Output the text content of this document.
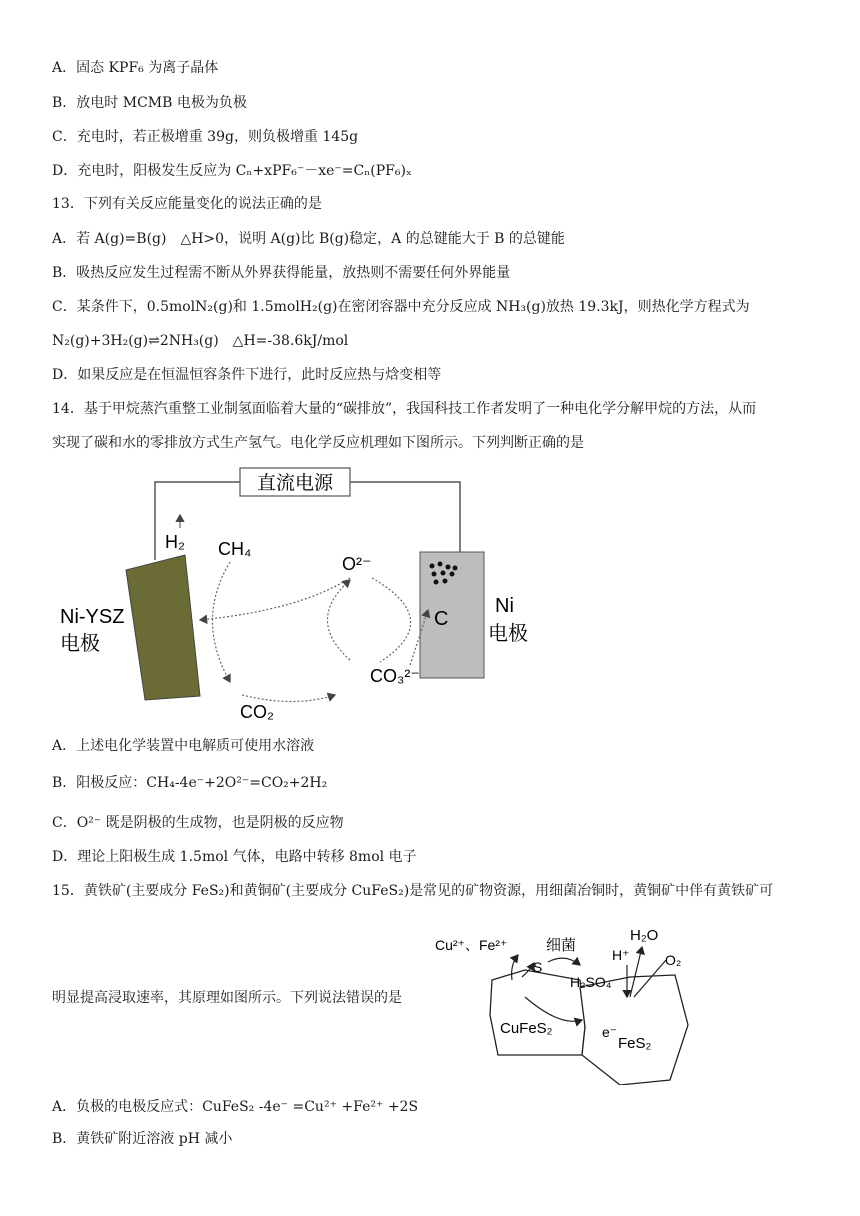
A．固态 KPF₆ 为离子晶体
B．放电时 MCMB 电极为负极
C．充电时，若正极增重 39g，则负极增重 145g
D．充电时，阳极发生反应为 Cₙ+xPF₆⁻－xe⁻=Cₙ(PF₆)ₓ
13．下列有关反应能量变化的说法正确的是
A．若 A(g)=B(g)　△H>0，说明 A(g)比 B(g)稳定，A 的总键能大于 B 的总键能
B．吸热反应发生过程需不断从外界获得能量，放热则不需要任何外界能量
C．某条件下，0.5molN₂(g)和 1.5molH₂(g)在密闭容器中充分反应成 NH₃(g)放热 19.3kJ，则热化学方程式为
N₂(g)+3H₂(g)⇌2NH₃(g)　△H=-38.6kJ/mol
D．如果反应是在恒温恒容条件下进行，此时反应热与焓变相等
14．基于甲烷蒸汽重整工业制氢面临着大量的“碳排放”，我国科技工作者发明了一种电化学分解甲烷的方法，从而
实现了碳和水的零排放方式生产氢气。电化学反应机理如下图所示。下列判断正确的是
直流电源
Ni-YSZ
电极
C
Ni
电极
H₂ CH₄
O²⁻
CO₂
CO₃²⁻
A．上述电化学装置中电解质可使用水溶液
B．阳极反应：CH₄-4e⁻+2O²⁻=CO₂+2H₂
C．O²⁻ 既是阴极的生成物，也是阴极的反应物
D．理论上阳极生成 1.5mol 气体，电路中转移 8mol 电子
15．黄铁矿(主要成分 FeS₂)和黄铜矿(主要成分 CuFeS₂)是常见的矿物资源，用细菌冶铜时，黄铜矿中伴有黄铁矿可
明显提高浸取速率，其原理如图所示。下列说法错误的是
CuFeS₂
FeS₂
Cu²⁺、Fe²⁺	细菌
S
H₂O
H⁺	O₂
H₂SO₄
e⁻
A．负极的电极反应式：CuFeS₂ -4e⁻ =Cu²⁺ +Fe²⁺ +2S
B．黄铁矿附近溶液 pH 减小
